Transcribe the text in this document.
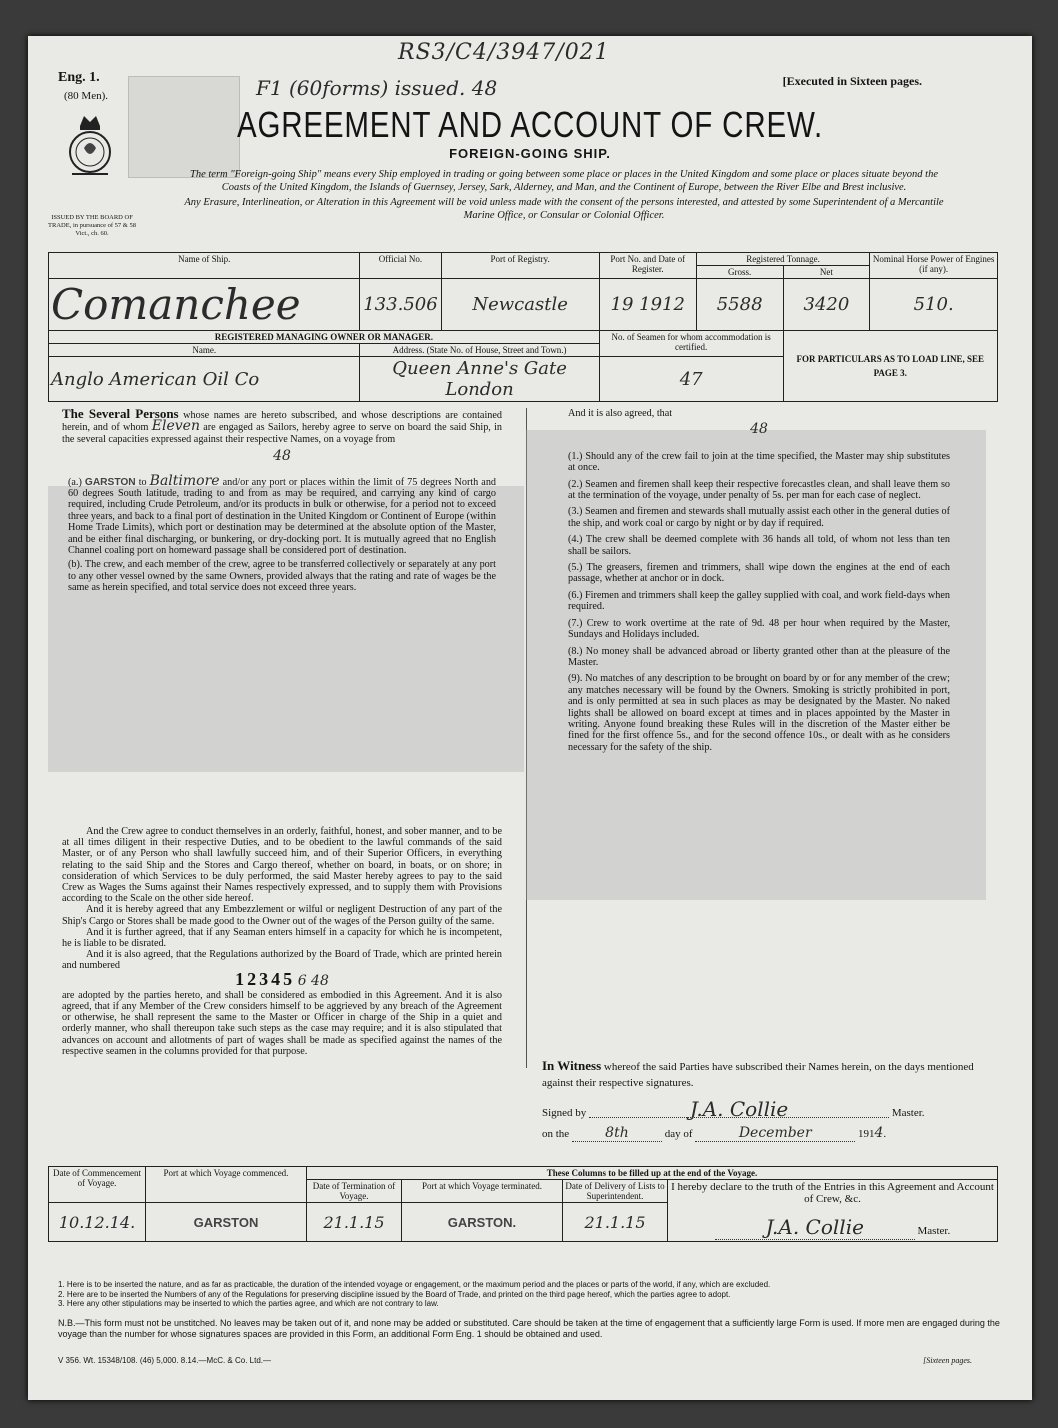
RS3/C4/3947/021
Eng. 1.
(80 Men).	F1 (60forms) issued. 48	[Executed in Sixteen pages.
ISSUED BY THE BOARD OF TRADE, in pursuance of 57 & 58 Vict., ch. 60.
AGREEMENT AND ACCOUNT OF CREW.
FOREIGN-GOING SHIP.
The term "Foreign-going Ship" means every Ship employed in trading or going between some place or places in the United Kingdom and some place or places situate beyond the Coasts of the United Kingdom, the Islands of Guernsey, Jersey, Sark, Alderney, and Man, and the Continent of Europe, between the River Elbe and Brest inclusive.
Any Erasure, Interlineation, or Alteration in this Agreement will be void unless made with the consent of the persons interested, and attested by some Superintendent of a Mercantile Marine Office, or Consular or Colonial Officer.
Name of Ship.	Official No.	Port of Registry.	Port No. and Date of Register.	Registered Tonnage.		Nominal Horse Power of Engines (if any).
				Gross.	Net	
Comanchee	133.506	Newcastle	19 1912	5588	3420	510.
REGISTERED MANAGING OWNER OR MANAGER.			No. of Seamen for whom accommodation is certified.		FOR PARTICULARS AS TO LOAD LINE, SEE PAGE 3.	
Name.	Address. (State No. of House, Street and Town.)					
Anglo American Oil Co	Queen Anne's Gate London		47			

The Several Persons whose names are hereto subscribed, and whose descriptions are contained herein, and of whom Eleven are engaged as Sailors, hereby agree to serve on board the said Ship, in the several capacities expressed against their respective Names, on a voyage from

48

(a.) GARSTON to Baltimore and/or any port or places within the limit of 75 degrees North and 60 degrees South latitude, trading to and from as may be required, and carrying any kind of cargo required, including Crude Petroleum, and/or its products in bulk or otherwise, for a period not to exceed three years, and back to a final port of destination in the United Kingdom or Continent of Europe (within Home Trade Limits), which port or destination may be determined at the absolute option of the Master, and be either final discharging, or bunkering, or dry-docking port. It is mutually agreed that no English Channel coaling port on homeward passage shall be considered port of destination.

(b). The crew, and each member of the crew, agree to be transferred collectively or separately at any port to any other vessel owned by the same Owners, provided always that the rating and rate of wages be the same as herein specified, and total service does not exceed three years.

And the Crew agree to conduct themselves in an orderly, faithful, honest, and sober manner, and to be at all times diligent in their respective Duties, and to be obedient to the lawful commands of the said Master, or of any Person who shall lawfully succeed him, and of their Superior Officers, in everything relating to the said Ship and the Stores and Cargo thereof, whether on board, in boats, or on shore; in consideration of which Services to be duly performed, the said Master hereby agrees to pay to the said Crew as Wages the Sums against their Names respectively expressed, and to supply them with Provisions according to the Scale on the other side hereof.

And it is hereby agreed that any Embezzlement or wilful or negligent Destruction of any part of the Ship's Cargo or Stores shall be made good to the Owner out of the wages of the Person guilty of the same.

And it is further agreed, that if any Seaman enters himself in a capacity for which he is incompetent, he is liable to be disrated.

And it is also agreed, that the Regulations authorized by the Board of Trade, which are printed herein and numbered

12345 6 48

are adopted by the parties hereto, and shall be considered as embodied in this Agreement. And it is also agreed, that if any Member of the Crew considers himself to be aggrieved by any breach of the Agreement or otherwise, he shall represent the same to the Master or Officer in charge of the Ship in a quiet and orderly manner, who shall thereupon take such steps as the case may require; and it is also stipulated that advances on account and allotments of part of wages shall be made as specified against the names of the respective seamen in the columns provided for that purpose.

And it is also agreed, that

48

(1.) Should any of the crew fail to join at the time specified, the Master may ship substitutes at once.

(2.) Seamen and firemen shall keep their respective forecastles clean, and shall leave them so at the termination of the voyage, under penalty of 5s. per man for each case of neglect.

(3.) Seamen and firemen and stewards shall mutually assist each other in the general duties of the ship, and work coal or cargo by night or by day if required.

(4.) The crew shall be deemed complete with 36 hands all told, of whom not less than ten shall be sailors.

(5.) The greasers, firemen and trimmers, shall wipe down the engines at the end of each passage, whether at anchor or in dock.

(6.) Firemen and trimmers shall keep the galley supplied with coal, and work field-days when required.

(7.) Crew to work overtime at the rate of 9d. 48 per hour when required by the Master, Sundays and Holidays included.

(8.) No money shall be advanced abroad or liberty granted other than at the pleasure of the Master.

(9). No matches of any description to be brought on board by or for any member of the crew; any matches necessary will be found by the Owners. Smoking is strictly prohibited in port, and is only permitted at sea in such places as may be designated by the Master. No naked lights shall be allowed on board except at times and in places appointed by the Master in writing. Anyone found breaking these Rules will in the discretion of the Master either be fined for the first offence 5s., and for the second offence 10s., or dealt with as he considers necessary for the safety of the ship.

In Witness whereof the said Parties have subscribed their Names herein, on the days mentioned against their respective signatures.
Signed by	J.A. Collie	Master.
on the	8th	day of	December	1914.
Date of Commencement of Voyage.	Port at which Voyage commenced.	These Columns to be filled up at the end of the Voyage.			
		Date of Termination of Voyage.	Port at which Voyage terminated.	Date of Delivery of Lists to Superintendent.	I hereby declare to the truth of the Entries in this Agreement and Account of Crew, &c.
J.A. Collie Master.

10.12.14.	GARSTON	21.1.15	GARSTON.	21.1.15	
1. Here is to be inserted the nature, and as far as practicable, the duration of the intended voyage or engagement, or the maximum period and the places or parts of the world, if any, which are excluded.
2. Here are to be inserted the Numbers of any of the Regulations for preserving discipline issued by the Board of Trade, and printed on the third page hereof, which the parties agree to adopt.
3. Here any other stipulations may be inserted to which the parties agree, and which are not contrary to law.
N.B.—This form must not be unstitched. No leaves may be taken out of it, and none may be added or substituted. Care should be taken at the time of engagement that a sufficiently large Form is used. If more men are engaged during the voyage than the number for whose signatures spaces are provided in this Form, an additional Form Eng. 1 should be obtained and used.
V 356. Wt. 15348/108. (46) 5,000. 8.14.—McC. & Co. Ltd.—	[Sixteen pages.
